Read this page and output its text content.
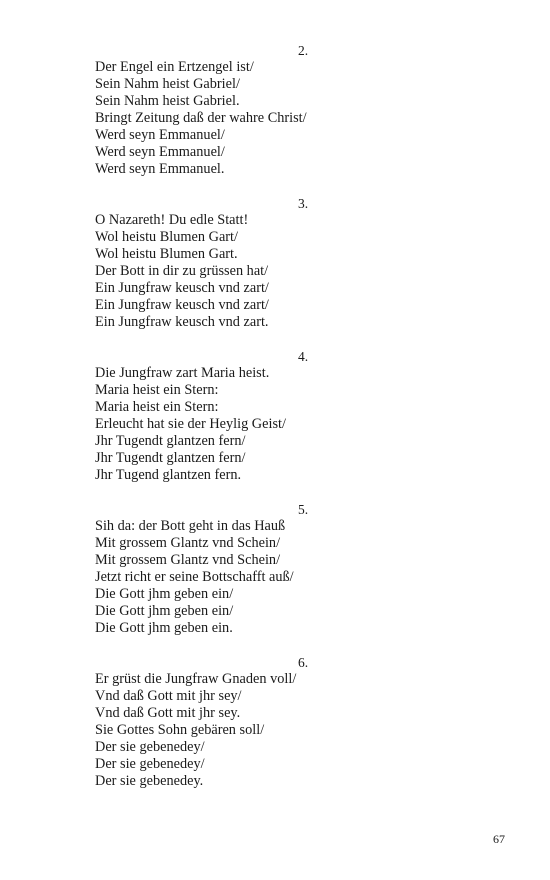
2.
Der Engel ein Ertzengel ist/
Sein Nahm heist Gabriel/
Sein Nahm heist Gabriel.
Bringt Zeitung daß der wahre Christ/
Werd seyn Emmanuel/
Werd seyn Emmanuel/
Werd seyn Emmanuel.
3.
O Nazareth! Du edle Statt!
Wol heistu Blumen Gart/
Wol heistu Blumen Gart.
Der Bott in dir zu grüssen hat/
Ein Jungfraw keusch vnd zart/
Ein Jungfraw keusch vnd zart/
Ein Jungfraw keusch vnd zart.
4.
Die Jungfraw zart Maria heist.
Maria heist ein Stern:
Maria heist ein Stern:
Erleucht hat sie der Heylig Geist/
Jhr Tugendt glantzen fern/
Jhr Tugendt glantzen fern/
Jhr Tugend glantzen fern.
5.
Sih da: der Bott geht in das Hauß
Mit grossem Glantz vnd Schein/
Mit grossem Glantz vnd Schein/
Jetzt richt er seine Bottschafft auß/
Die Gott jhm geben ein/
Die Gott jhm geben ein/
Die Gott jhm geben ein.
6.
Er grüst die Jungfraw Gnaden voll/
Vnd daß Gott mit jhr sey/
Vnd daß Gott mit jhr sey.
Sie Gottes Sohn gebären soll/
Der sie gebenedey/
Der sie gebenedey/
Der sie gebenedey.
67
